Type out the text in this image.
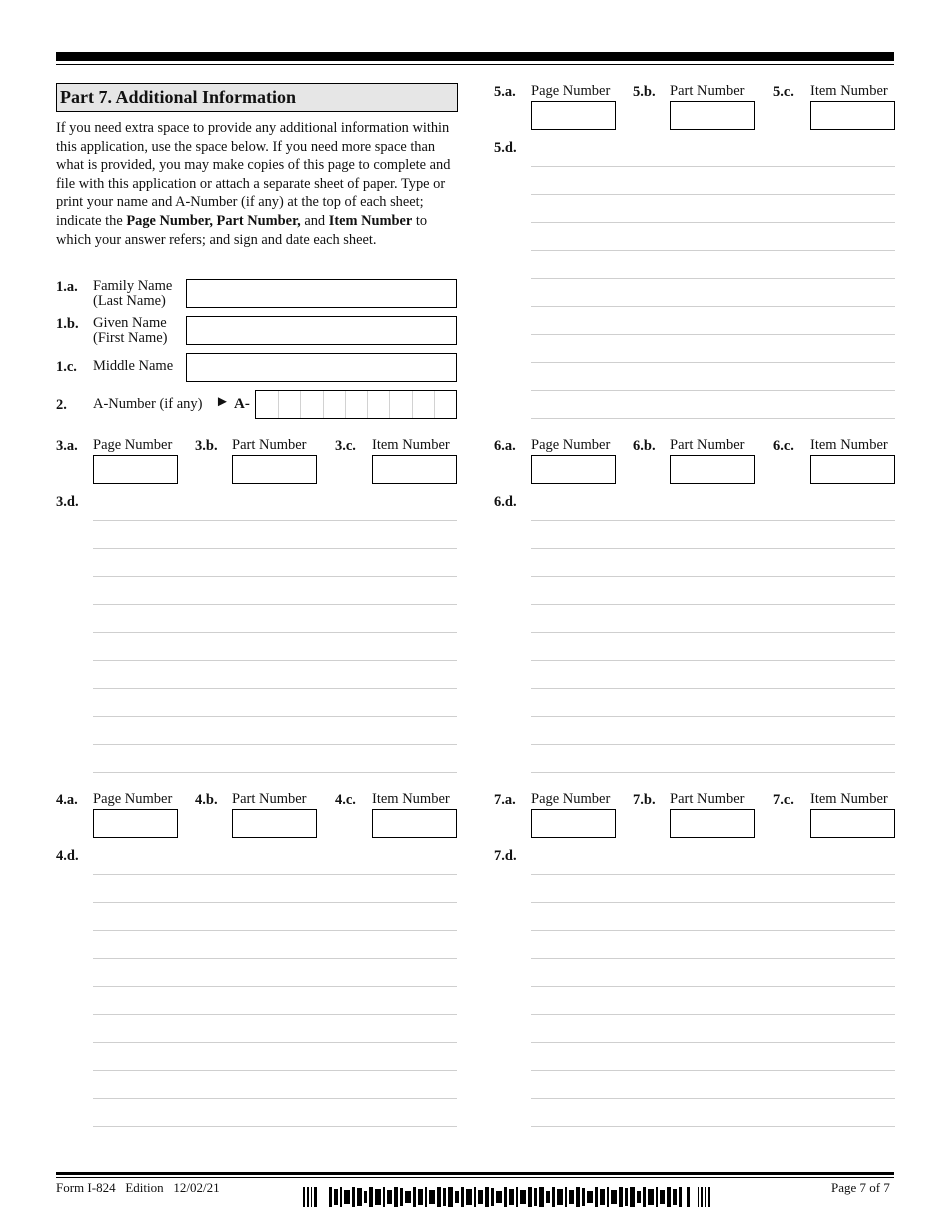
Part 7. Additional Information
If you need extra space to provide any additional information within this application, use the space below. If you need more space than what is provided, you may make copies of this page to complete and file with this application or attach a separate sheet of paper. Type or print your name and A-Number (if any) at the top of each sheet; indicate the Page Number, Part Number, and Item Number to which your answer refers; and sign and date each sheet.
1.a. Family Name
(Last Name)
1.b. Given Name
(First Name)
1.c. Middle Name
2. A-Number (if any) ► A-
3.a. Page Number 3.b. Part Number 3.c. Item Number
3.d.
4.a. Page Number 4.b. Part Number 4.c. Item Number
4.d.
5.a. Page Number 5.b. Part Number 5.c. Item Number
5.d.
6.a. Page Number 6.b. Part Number 6.c. Item Number
6.d.
7.a. Page Number 7.b. Part Number 7.c. Item Number
7.d.
Form I-824   Edition   12/02/21	Page 7 of 7
